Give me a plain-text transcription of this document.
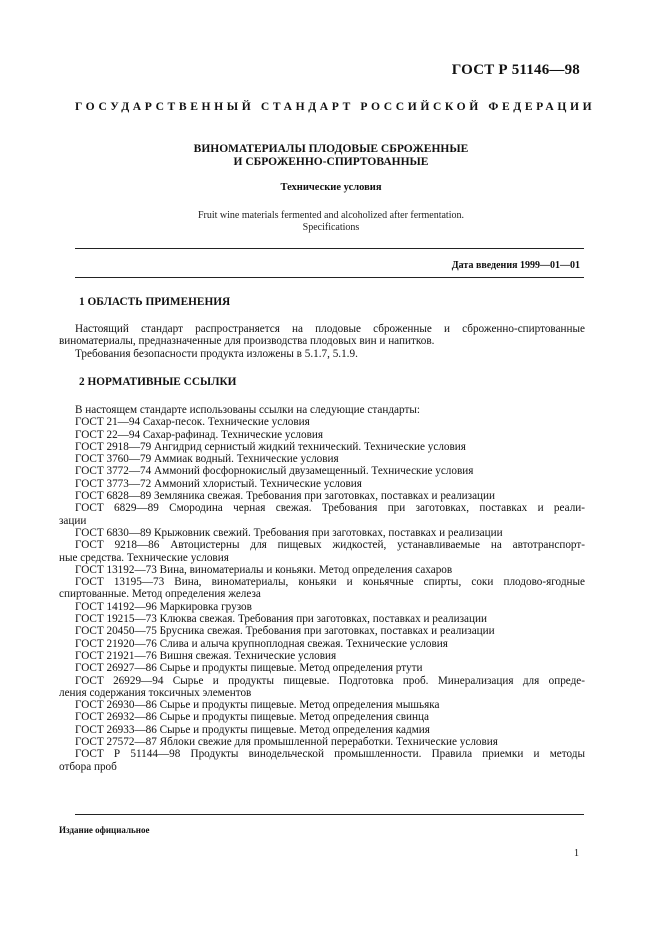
ГОСТ Р 51146—98
ГОСУДАРСТВЕННЫЙ СТАНДАРТ РОССИЙСКОЙ ФЕДЕРАЦИИ
ВИНОМАТЕРИАЛЫ ПЛОДОВЫЕ СБРОЖЕННЫЕ
И СБРОЖЕННО-СПИРТОВАННЫЕ
Технические условия
Fruit wine materials fermented and alcoholized after fermentation.
Specifications
Дата введения 1999—01—01
1 ОБЛАСТЬ ПРИМЕНЕНИЯ

Настоящий стандарт распространяется на плодовые сброженные и сброженно-спиртованные

виноматериалы, предназначенные для производства плодовых вин и напитков.

Требования безопасности продукта изложены в 5.1.7, 5.1.9.

2 НОРМАТИВНЫЕ ССЫЛКИ

В настоящем стандарте использованы ссылки на следующие стандарты:

ГОСТ 21—94 Сахар-песок. Технические условия
ГОСТ 22—94 Сахар-рафинад. Технические условия
ГОСТ 2918—79 Ангидрид сернистый жидкий технический. Технические условия
ГОСТ 3760—79 Аммиак водный. Технические условия
ГОСТ 3772—74 Аммоний фосфорнокислый двузамещенный. Технические условия
ГОСТ 3773—72 Аммоний хлористый. Технические условия
ГОСТ 6828—89 Земляника свежая. Требования при заготовках, поставках и реализации

ГОСТ 6829—89 Смородина черная свежая. Требования при заготовках, поставках и реали-

зации

ГОСТ 6830—89 Крыжовник свежий. Требования при заготовках, поставках и реализации

ГОСТ 9218—86 Автоцистерны для пищевых жидкостей, устанавливаемые на автотранспорт-

ные средства. Технические условия

ГОСТ 13192—73 Вина, виноматериалы и коньяки. Метод определения сахаров

ГОСТ 13195—73 Вина, виноматериалы, коньяки и коньячные спирты, соки плодово-ягодные

спиртованные. Метод определения железа

ГОСТ 14192—96 Маркировка грузов
ГОСТ 19215—73 Клюква свежая. Требования при заготовках, поставках и реализации
ГОСТ 20450—75 Брусника свежая. Требования при заготовках, поставках и реализации
ГОСТ 21920—76 Слива и алыча крупноплодная свежая. Технические условия
ГОСТ 21921—76 Вишня свежая. Технические условия
ГОСТ 26927—86 Сырье и продукты пищевые. Метод определения ртути

ГОСТ 26929—94 Сырье и продукты пищевые. Подготовка проб. Минерализация для опреде-

ления содержания токсичных элементов

ГОСТ 26930—86 Сырье и продукты пищевые. Метод определения мышьяка
ГОСТ 26932—86 Сырье и продукты пищевые. Метод определения свинца
ГОСТ 26933—86 Сырье и продукты пищевые. Метод определения кадмия
ГОСТ 27572—87 Яблоки свежие для промышленной переработки. Технические условия

ГОСТ Р 51144—98 Продукты винодельческой промышленности. Правила приемки и методы

отбора проб

Издание официальное
1
